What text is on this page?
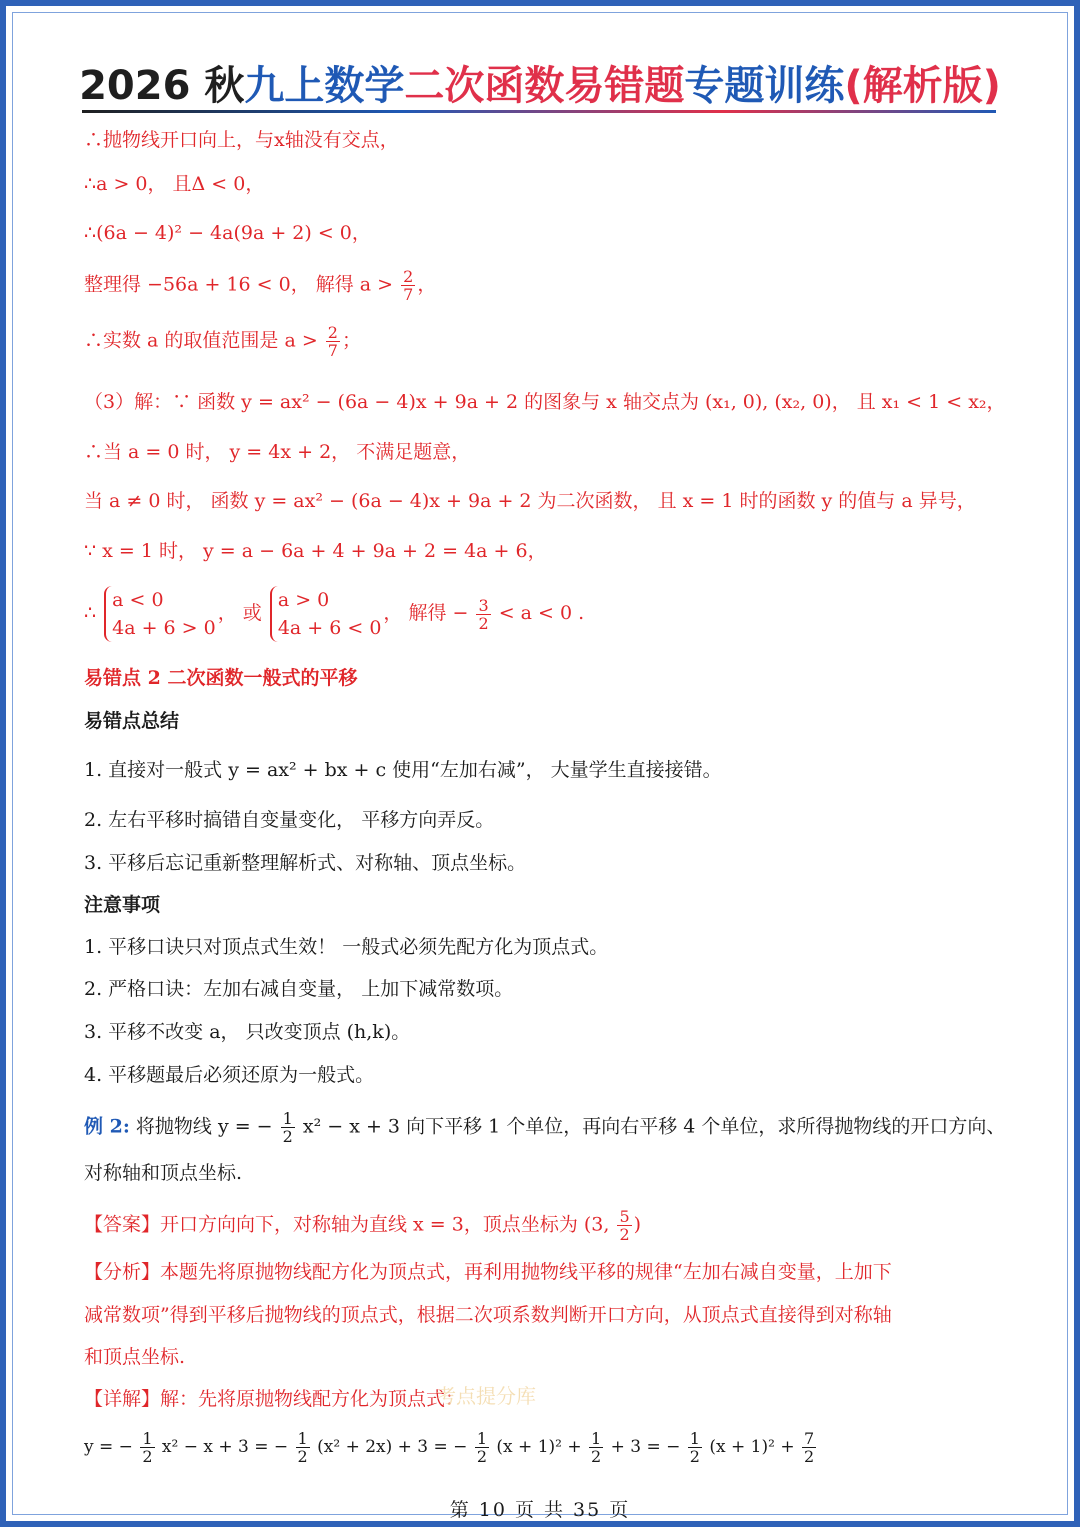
2026 秋九上数学二次函数易错题专题训练(解析版)
∴抛物线开口向上，与x轴没有交点，
∴a > 0， 且Δ < 0，
∴(6a − 4)² − 4a(9a + 2) < 0，
整理得 −56a + 16 < 0， 解得 $a > \frac{2}{7}$ ，
∴实数 a 的取值范围是 $a > \frac{2}{7}$ ；
（3）解：∵ 函数 y = ax² − (6a − 4)x + 9a + 2 的图象与 x 轴交点为 (x₁, 0), (x₂, 0)， 且 x₁ < 1 < x₂，
∴当 a = 0 时， y = 4x + 2， 不满足题意，
当 a ≠ 0 时， 函数 y = ax² − (6a − 4)x + 9a + 2 为二次函数， 且 x = 1 时的函数 y 的值与 a 异号，
∵ x = 1 时， y = a − 6a + 4 + 9a + 2 = 4a + 6，
∴
a < 0
4a + 6 > 0
， 或
a > 0
4a + 6 < 0
， 解得 − $\frac{3}{2} < a < 0$ .
易错点 2 二次函数一般式的平移
易错点总结
1. 直接对一般式 y = ax² + bx + c 使用“左加右减”， 大量学生直接接错。
2. 左右平移时搞错自变量变化， 平移方向弄反。
3. 平移后忘记重新整理解析式、对称轴、顶点坐标。
注意事项
1. 平移口诀只对顶点式生效！ 一般式必须先配方化为顶点式。
2. 严格口诀：左加右减自变量， 上加下减常数项。
3. 平移不改变 a， 只改变顶点 (h,k)。
4. 平移题最后必须还原为一般式。
例 2: 将抛物线 y = − $\frac{1}{2} x^2 - x + 3$ 向下平移 1 个单位，再向右平移 4 个单位，求所得抛物线的开口方向、
对称轴和顶点坐标.
【答案】开口方向向下，对称轴为直线 x = 3，顶点坐标为 (3, $\frac{5}{2}$ )
【分析】本题先将原抛物线配方化为顶点式，再利用抛物线平移的规律“左加右减自变量，上加下
减常数项”得到平移后抛物线的顶点式，根据二次项系数判断开口方向，从顶点式直接得到对称轴
和顶点坐标.
【详解】解：先将原抛物线配方化为顶点式：
y = − $\frac{1}{2} x^2 - x + 3$ = − $\frac{1}{2} (x^2 + 2x) + 3$ = − $\frac{1}{2} (x + 1)^2 + \frac{1}{2} + 3$ = − $\frac{1}{2} (x + 1)^2 + \frac{7}{2}$
考点提分库
第 10 页 共 35 页
